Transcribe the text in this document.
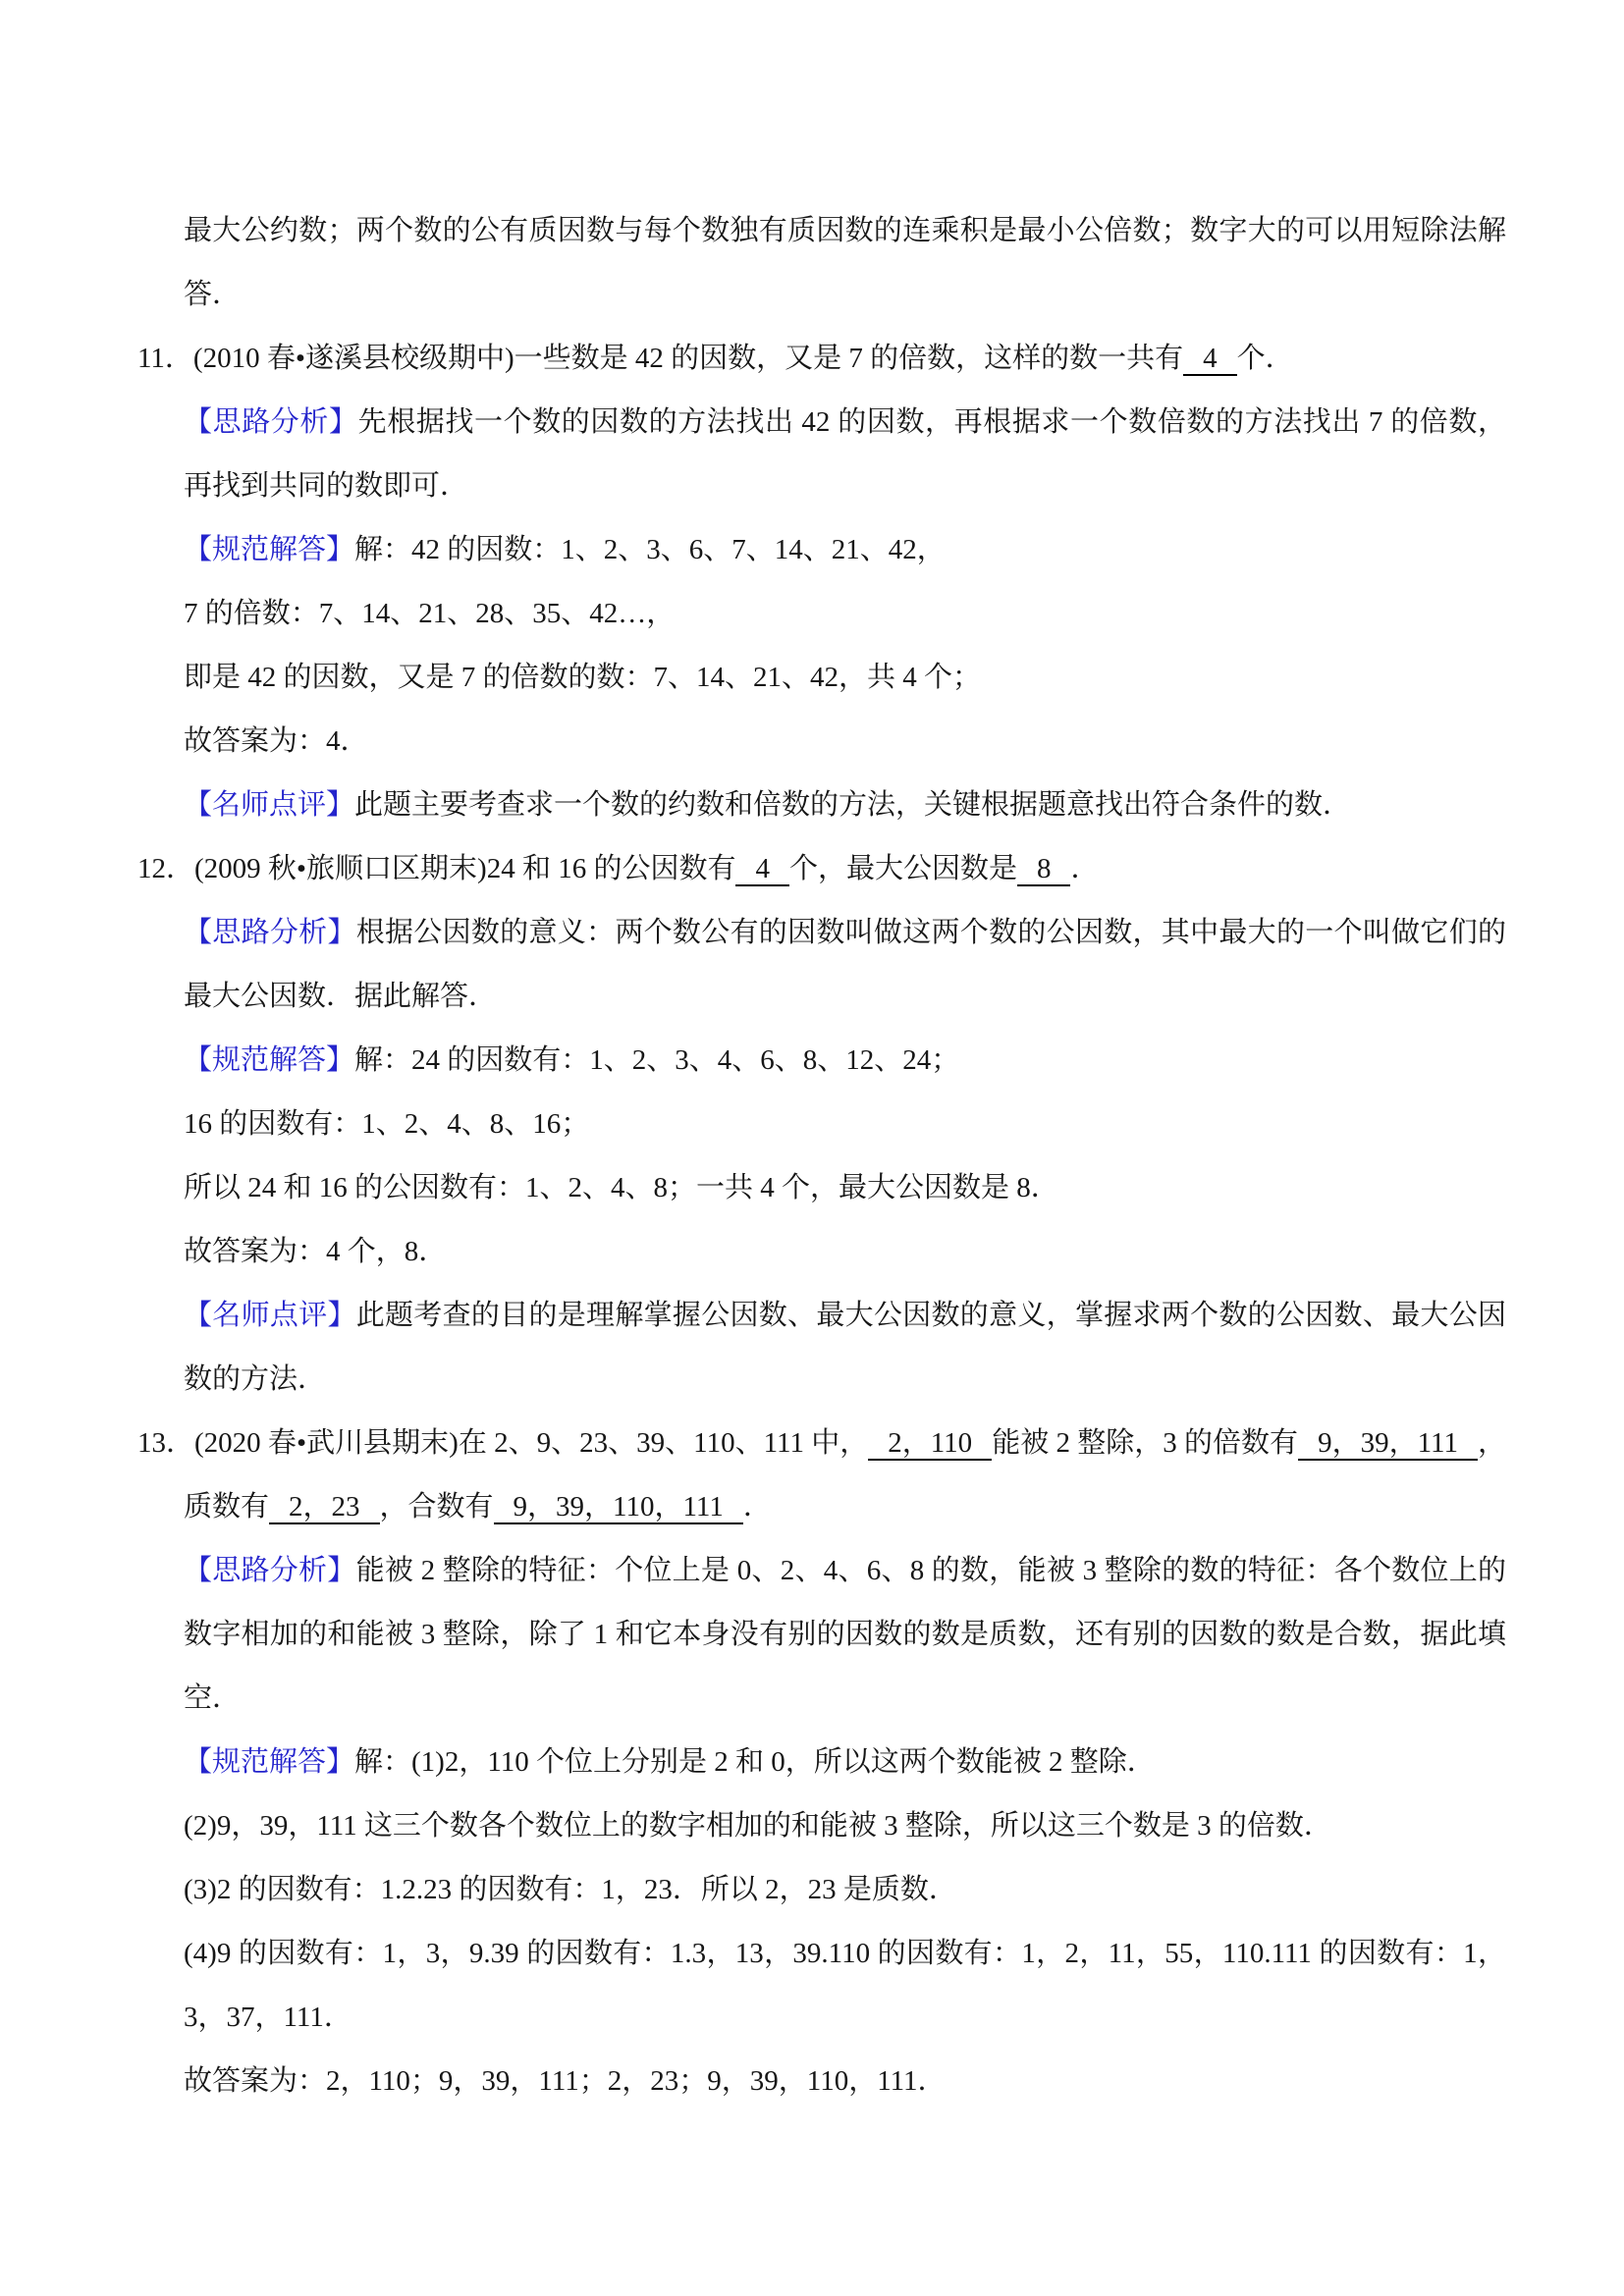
最大公约数；两个数的公有质因数与每个数独有质因数的连乘积是最小公倍数；数字大的可以用短除法解答．

11．(2010 春•遂溪县校级期中)一些数是 42 的因数，又是 7 的倍数，这样的数一共有 4 个．

【思路分析】先根据找一个数的因数的方法找出 42 的因数，再根据求一个数倍数的方法找出 7 的倍数，再找到共同的数即可．

【规范解答】解：42 的因数：1、2、3、6、7、14、21、42，

7 的倍数：7、14、21、28、35、42…，

即是 42 的因数，又是 7 的倍数的数：7、14、21、42，共 4 个；

故答案为：4．

【名师点评】此题主要考查求一个数的约数和倍数的方法，关键根据题意找出符合条件的数．

12．(2009 秋•旅顺口区期末)24 和 16 的公因数有 4 个，最大公因数是 8 ．

【思路分析】根据公因数的意义：两个数公有的因数叫做这两个数的公因数，其中最大的一个叫做它们的最大公因数．据此解答．

【规范解答】解：24 的因数有：1、2、3、4、6、8、12、24；

16 的因数有：1、2、4、8、16；

所以 24 和 16 的公因数有：1、2、4、8；一共 4 个，最大公因数是 8．

故答案为：4 个，8．

【名师点评】此题考查的目的是理解掌握公因数、最大公因数的意义，掌握求两个数的公因数、最大公因数的方法．

13．(2020 春•武川县期末)在 2、9、23、39、110、111 中， 2，110 能被 2 整除，3 的倍数有 9，39，111 ，质数有 2，23 ，合数有 9，39，110，111 ．

【思路分析】能被 2 整除的特征：个位上是 0、2、4、6、8 的数，能被 3 整除的数的特征：各个数位上的数字相加的和能被 3 整除，除了 1 和它本身没有别的因数的数是质数，还有别的因数的数是合数，据此填空．

【规范解答】解：(1)2，110 个位上分别是 2 和 0，所以这两个数能被 2 整除．

(2)9，39，111 这三个数各个数位上的数字相加的和能被 3 整除，所以这三个数是 3 的倍数．

(3)2 的因数有：1.2.23 的因数有：1，23．所以 2，23 是质数．

(4)9 的因数有：1，3，9.39 的因数有：1.3，13，39.110 的因数有：1，2，11，55，110.111 的因数有：1，3，37，111．

故答案为：2，110；9，39，111；2，23；9，39，110，111．
